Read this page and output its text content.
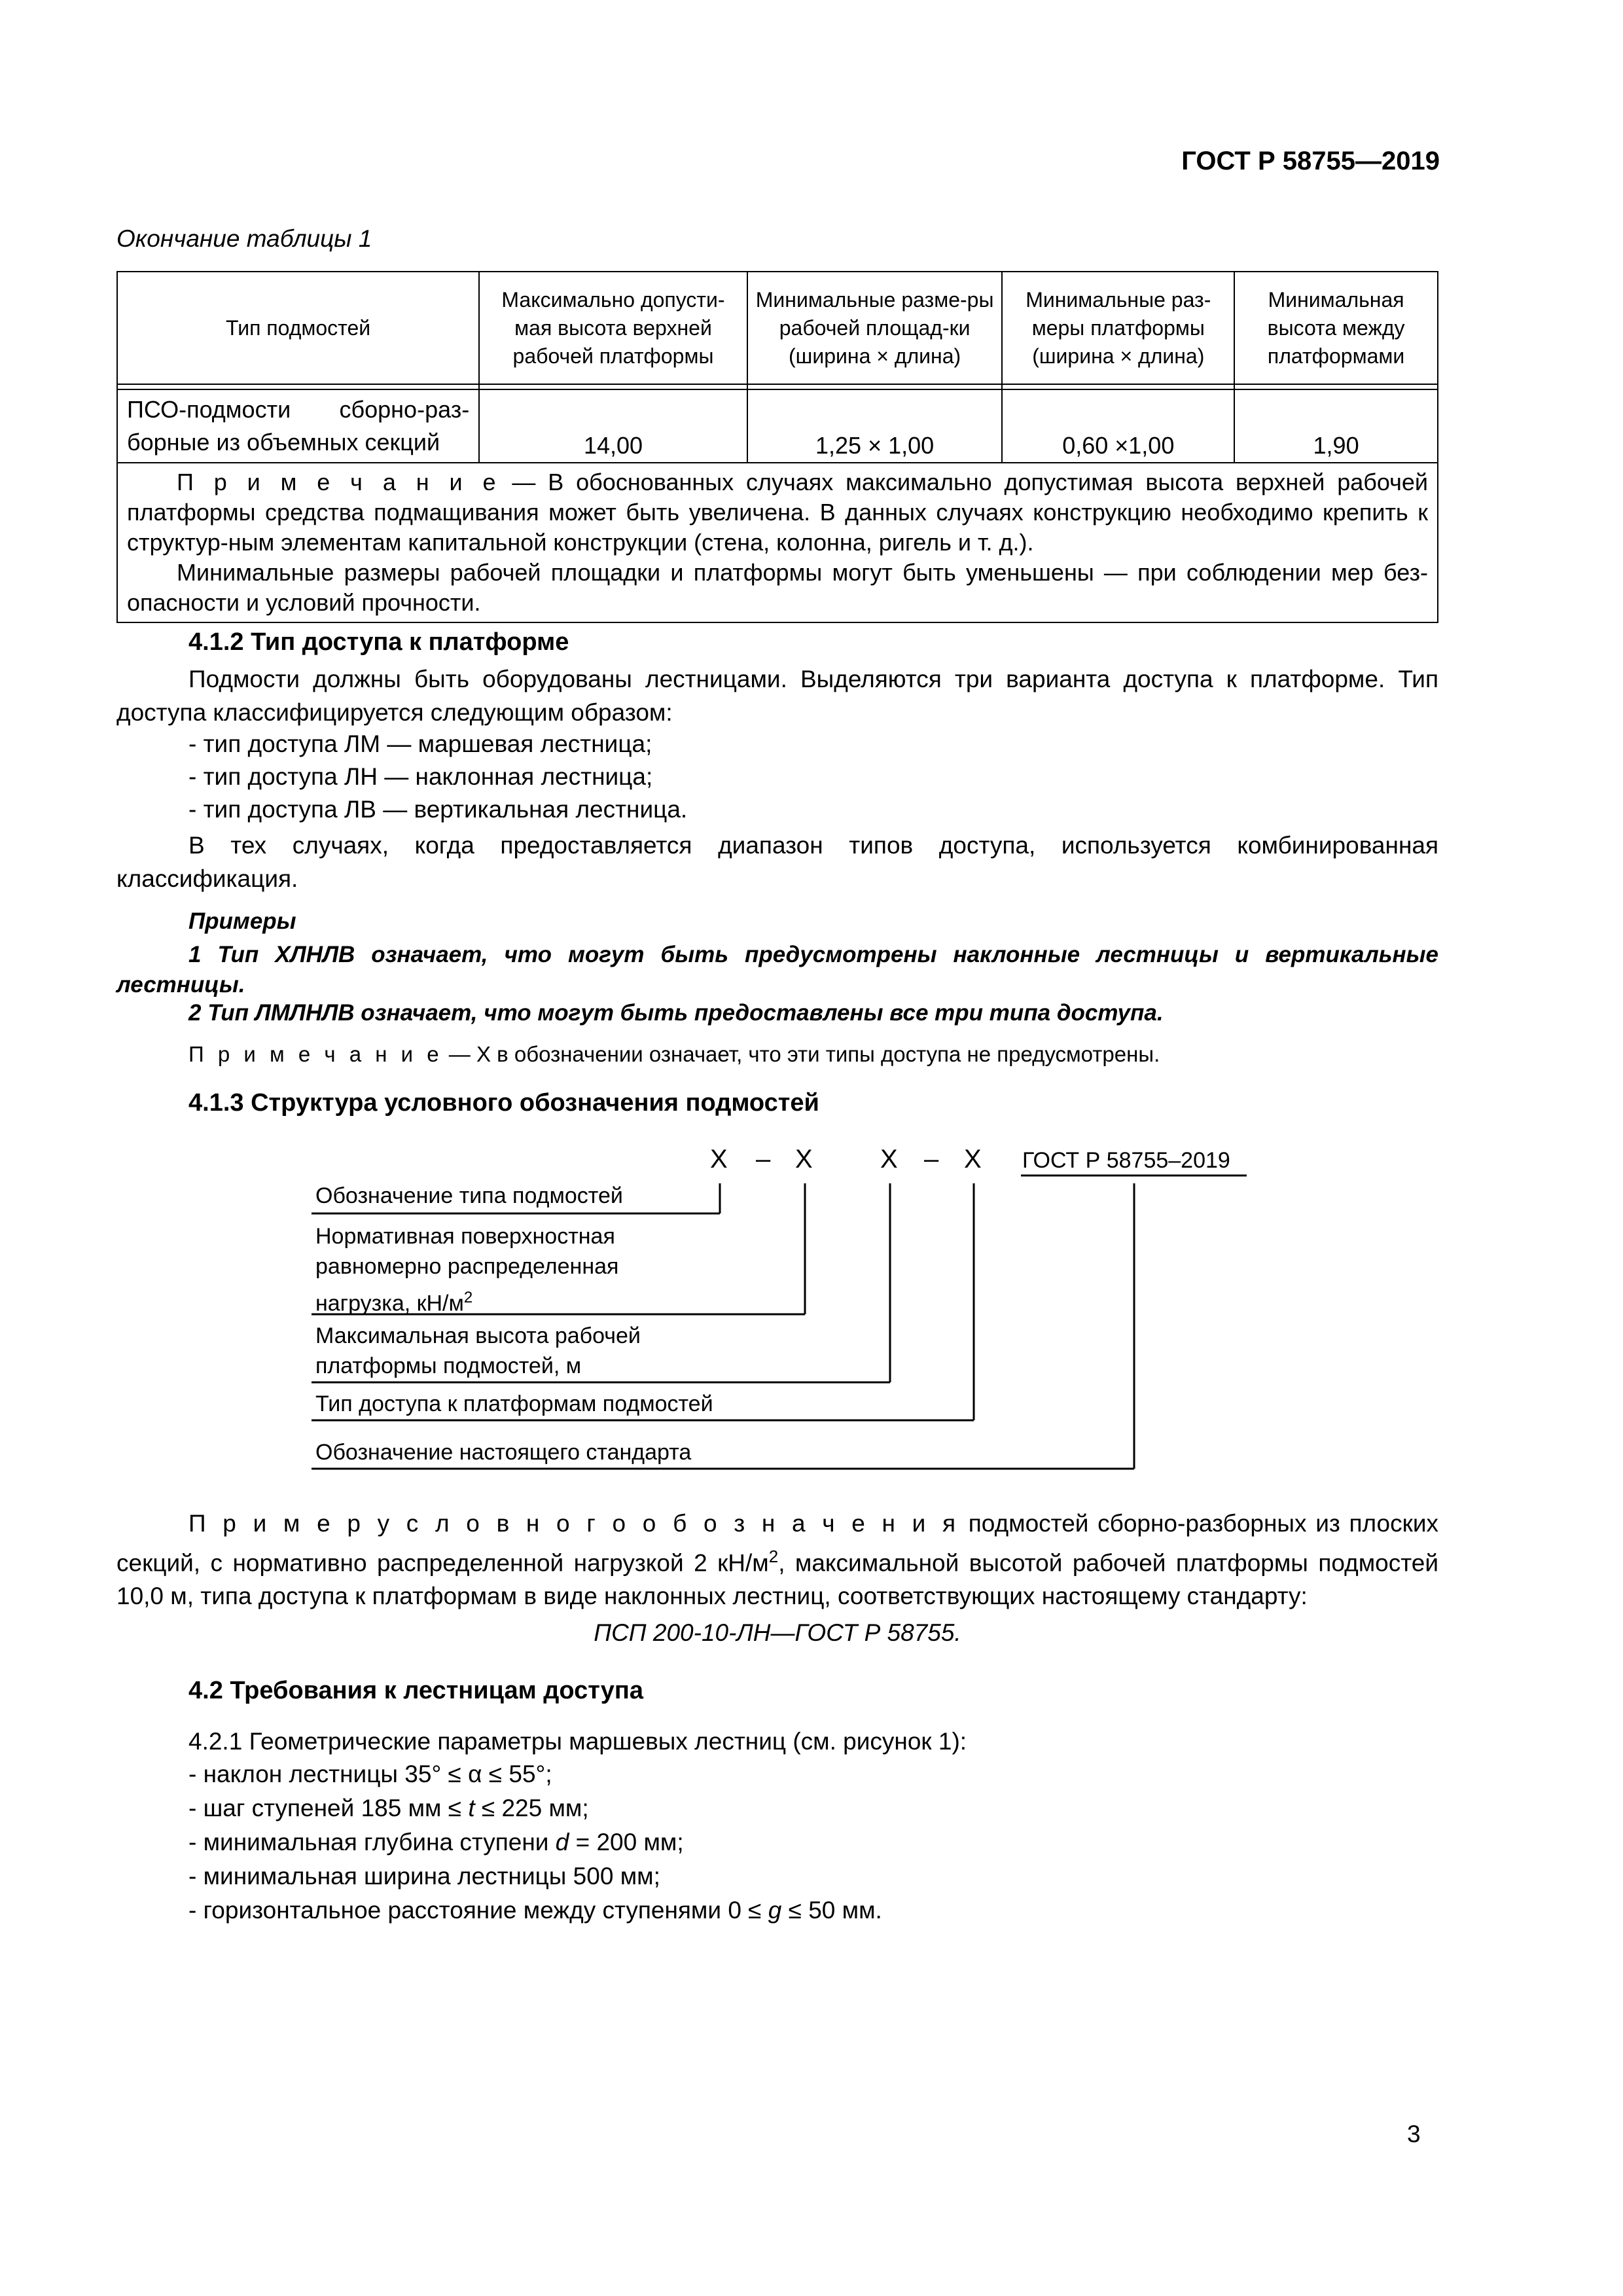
ГОСТ Р 58755—2019
Окончание таблицы 1
Тип подмостей	Максимально допусти-мая высота верхней рабочей платформы	Минимальные разме-ры рабочей площад-ки (ширина × длина)	Минимальные раз-меры платформы (ширина × длина)	Минимальная высота между платформами

ПСО-подмости сборно-раз-борные из объемных секций	14,00	1,25 × 1,00	0,60 ×1,00	1,90

П р и м е ч а н и е — В обоснованных случаях максимально допустимая высота верхней рабочей платформы средства подмащивания может быть увеличена. В данных случаях конструкцию необходимо крепить к структур-ным элементам капитальной конструкции (стена, колонна, ригель и т. д.).
Минимальные размеры рабочей площадки и платформы могут быть уменьшены — при соблюдении мер без-опасности и условий прочности.				
4.1.2 Тип доступа к платформе
Подмости должны быть оборудованы лестницами. Выделяются три варианта доступа к платформе. Тип доступа классифицируется следующим образом:
- тип доступа ЛМ — маршевая лестница;
- тип доступа ЛН — наклонная лестница;
- тип доступа ЛВ — вертикальная лестница.
В тех случаях, когда предоставляется диапазон типов доступа, используется комбинированная классификация.
Примеры
1 Тип ХЛНЛВ означает, что могут быть предусмотрены наклонные лестницы и вертикальные лестницы.
2 Тип ЛМЛНЛВ означает, что могут быть предоставлены все три типа доступа.
П р и м е ч а н и е — Х в обозначении означает, что эти типы доступа не предусмотрены.
4.1.3 Структура условного обозначения подмостей
X – X	X – X ГОСТ Р 58755–2019
Обозначение типа подмостей
Нормативная поверхностная
равномерно распределенная
нагрузка, $кН/м^2$
Максимальная высота рабочей
платформы подмостей, м
Тип доступа к платформам подмостей
Обозначение настоящего стандарта
П р и м е р у с л о в н о г о о б о з н а ч е н и я подмостей сборно-разборных из плоских секций, с нормативно распределенной нагрузкой 2 $кН/м^2$, максимальной высотой рабочей платформы подмостей 10,0 м, типа доступа к платформам в виде наклонных лестниц, соответствующих настоящему стандарту:
ПСП 200-10-ЛН—ГОСТ Р 58755.
4.2 Требования к лестницам доступа
4.2.1 Геометрические параметры маршевых лестниц (см. рисунок 1):
- наклон лестницы 35° ≤ α ≤ 55°;
- шаг ступеней 185 мм ≤ t ≤ 225 мм;
- минимальная глубина ступени d = 200 мм;
- минимальная ширина лестницы 500 мм;
- горизонтальное расстояние между ступенями 0 ≤ g ≤ 50 мм.
3
